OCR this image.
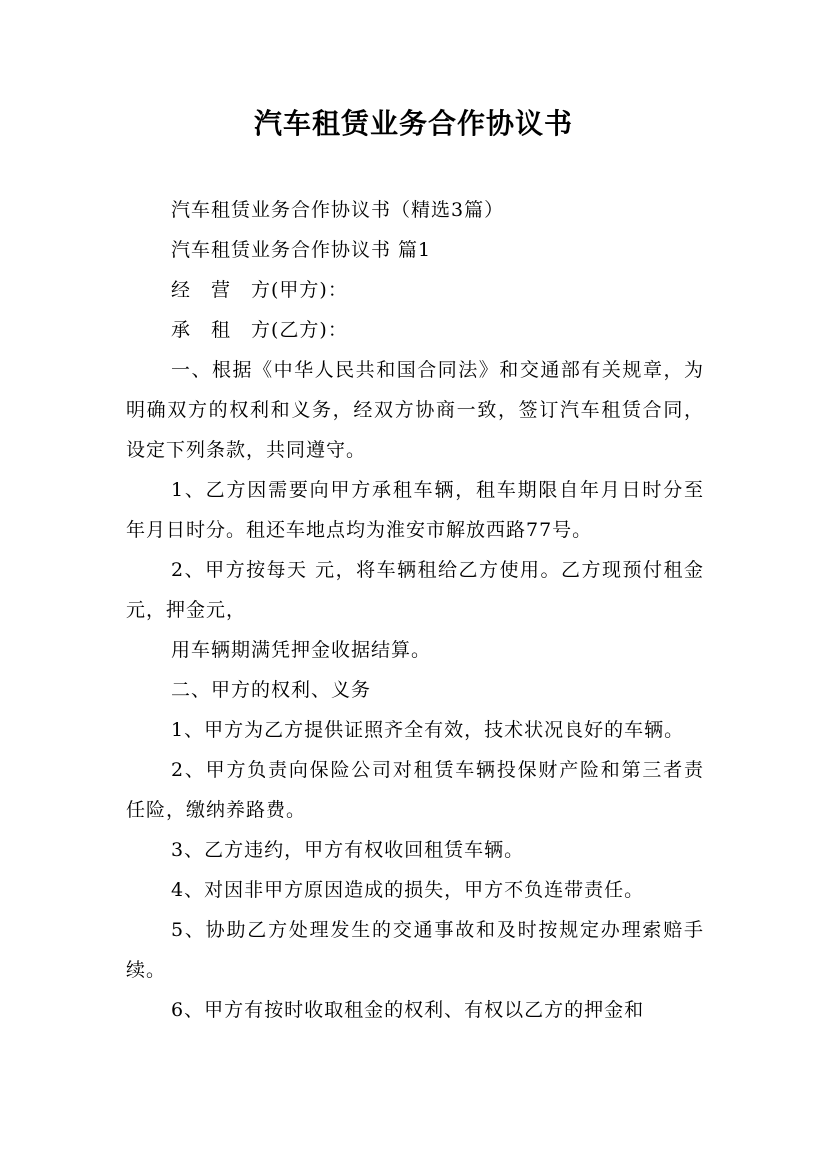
汽车租赁业务合作协议书

汽车租赁业务合作协议书（精选3篇）

汽车租赁业务合作协议书 篇1

经　营　方(甲方)：

承　租　方(乙方)：

一、根据《中华人民共和国合同法》和交通部有关规章，为明确双方的权利和义务，经双方协商一致，签订汽车租赁合同，设定下列条款，共同遵守。

1、乙方因需要向甲方承租车辆，租车期限自年月日时分至年月日时分。租还车地点均为淮安市解放西路77号。

2、甲方按每天 元，将车辆租给乙方使用。乙方现预付租金元，押金元，

用车辆期满凭押金收据结算。

二、甲方的权利、义务

1、甲方为乙方提供证照齐全有效，技术状况良好的车辆。

2、甲方负责向保险公司对租赁车辆投保财产险和第三者责任险，缴纳养路费。

3、乙方违约，甲方有权收回租赁车辆。

4、对因非甲方原因造成的损失，甲方不负连带责任。

5、协助乙方处理发生的交通事故和及时按规定办理索赔手续。

6、甲方有按时收取租金的权利、有权以乙方的押金和
